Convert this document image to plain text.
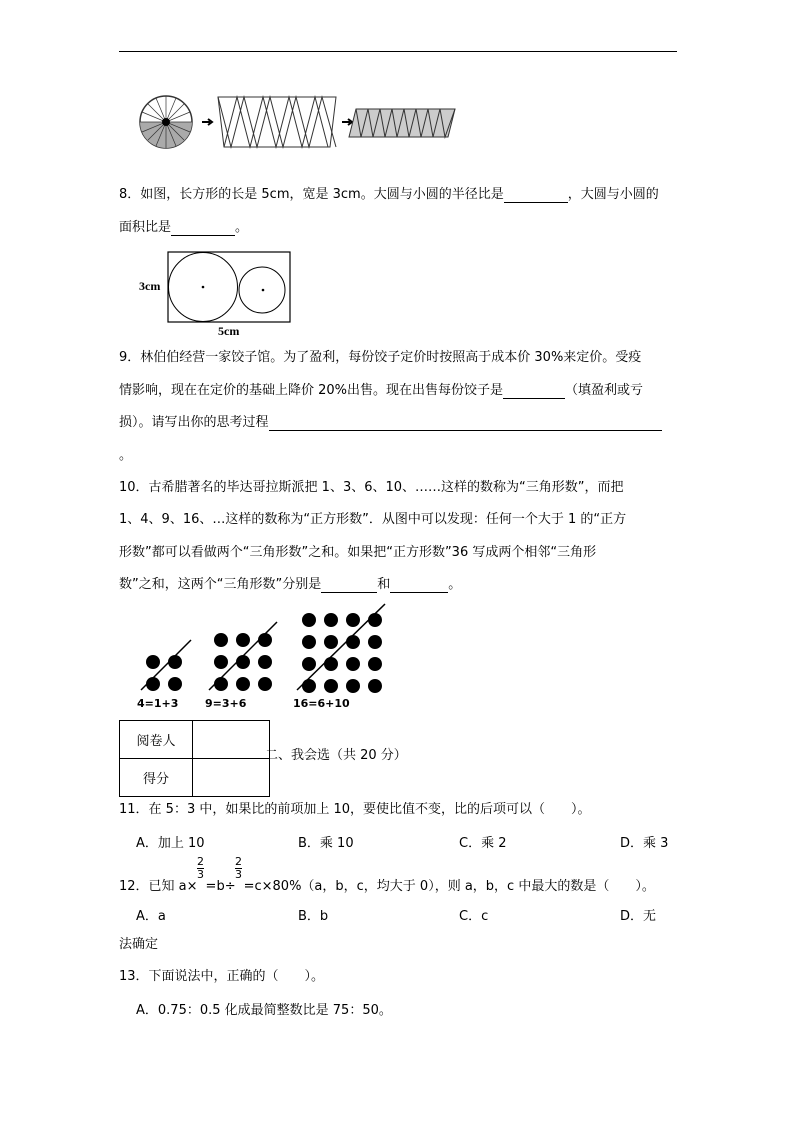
8．如图，长方形的长是 5cm，宽是 3cm。大圆与小圆的半径比是	，大圆与小圆的
面积比是	。
3cm
5cm
9．林伯伯经营一家饺子馆。为了盈利，每份饺子定价时按照高于成本价 30%来定价。受疫
情影响，现在在定价的基础上降价 20%出售。现在出售每份饺子是	（填盈利或亏
损）。请写出你的思考过程
。
10．古希腊著名的毕达哥拉斯派把 1、3、6、10、……这样的数称为“三角形数”，而把
1、4、9、16、…这样的数称为“正方形数”．从图中可以发现：任何一个大于 1 的“正方
形数”都可以看做两个“三角形数”之和。如果把“正方形数”36 写成两个相邻“三角形
数”之和，这两个“三角形数”分别是	和	。
4=1+3 9=3+6	16=6+10
阅卷人	
得分	
二、我会选（共 20 分）
11．在 5：3 中，如果比的前项加上 10，要使比值不变，比的后项可以（　　）。
A．加上 10	B．乘 10	C．乘 2	D．乘 3
12．已知 a× =b÷ =c×80%（a，b，c，均大于 0），则 a，b，c 中最大的数是（　　）。
$\frac{2}{3}$	$\frac{2}{3}$
A．a	B．b	C．c	D．无
法确定
13．下面说法中，正确的（　　）。
A．0.75：0.5 化成最简整数比是 75：50。
